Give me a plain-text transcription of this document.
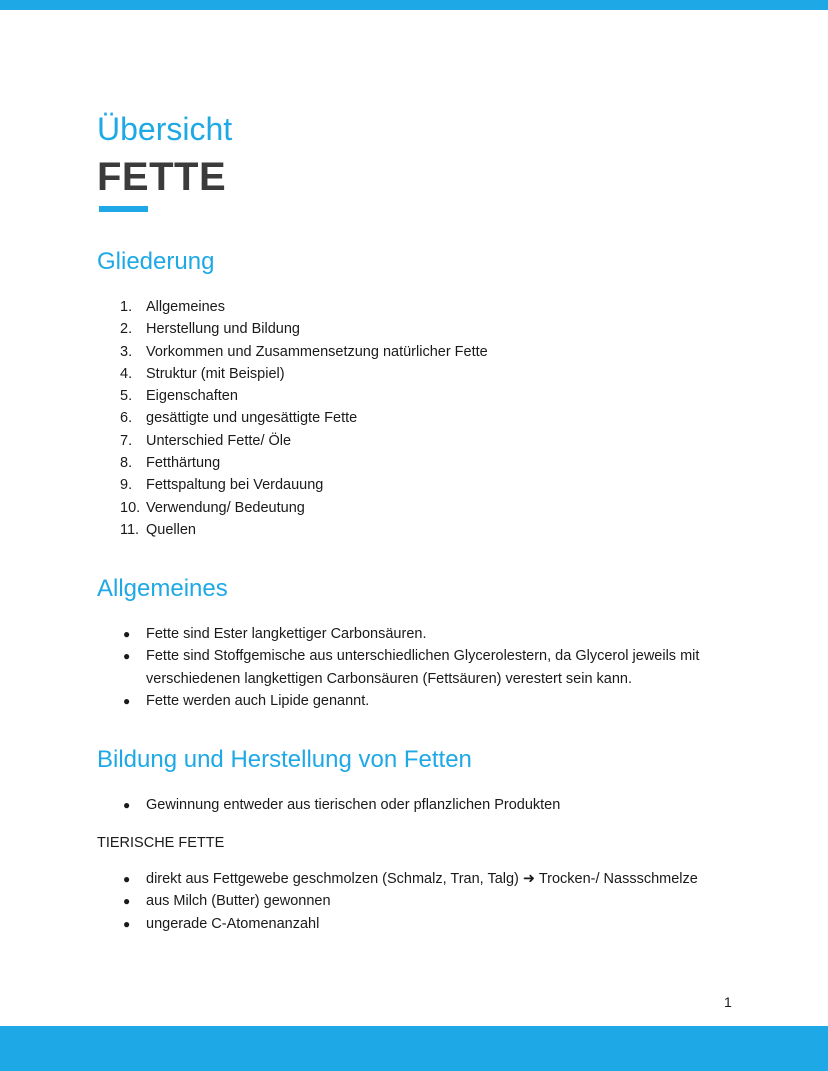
Übersicht
FETTE
Gliederung
1. Allgemeines
2. Herstellung und Bildung
3. Vorkommen und Zusammensetzung natürlicher Fette
4. Struktur (mit Beispiel)
5. Eigenschaften
6. gesättigte und ungesättigte Fette
7. Unterschied Fette/ Öle
8. Fetthärtung
9. Fettspaltung bei Verdauung
10. Verwendung/ Bedeutung
11. Quellen
Allgemeines
● Fette sind Ester langkettiger Carbonsäuren.
● Fette sind Stoffgemische aus unterschiedlichen Glycerolestern, da Glycerol jeweils mit verschiedenen langkettigen Carbonsäuren (Fettsäuren) verestert sein kann.
● Fette werden auch Lipide genannt.
Bildung und Herstellung von Fetten
● Gewinnung entweder aus tierischen oder pflanzlichen Produkten
TIERISCHE FETTE
● direkt aus Fettgewebe geschmolzen (Schmalz, Tran, Talg) ➜ Trocken-/ Nassschmelze
● aus Milch (Butter) gewonnen
● ungerade C-Atomenanzahl
1
